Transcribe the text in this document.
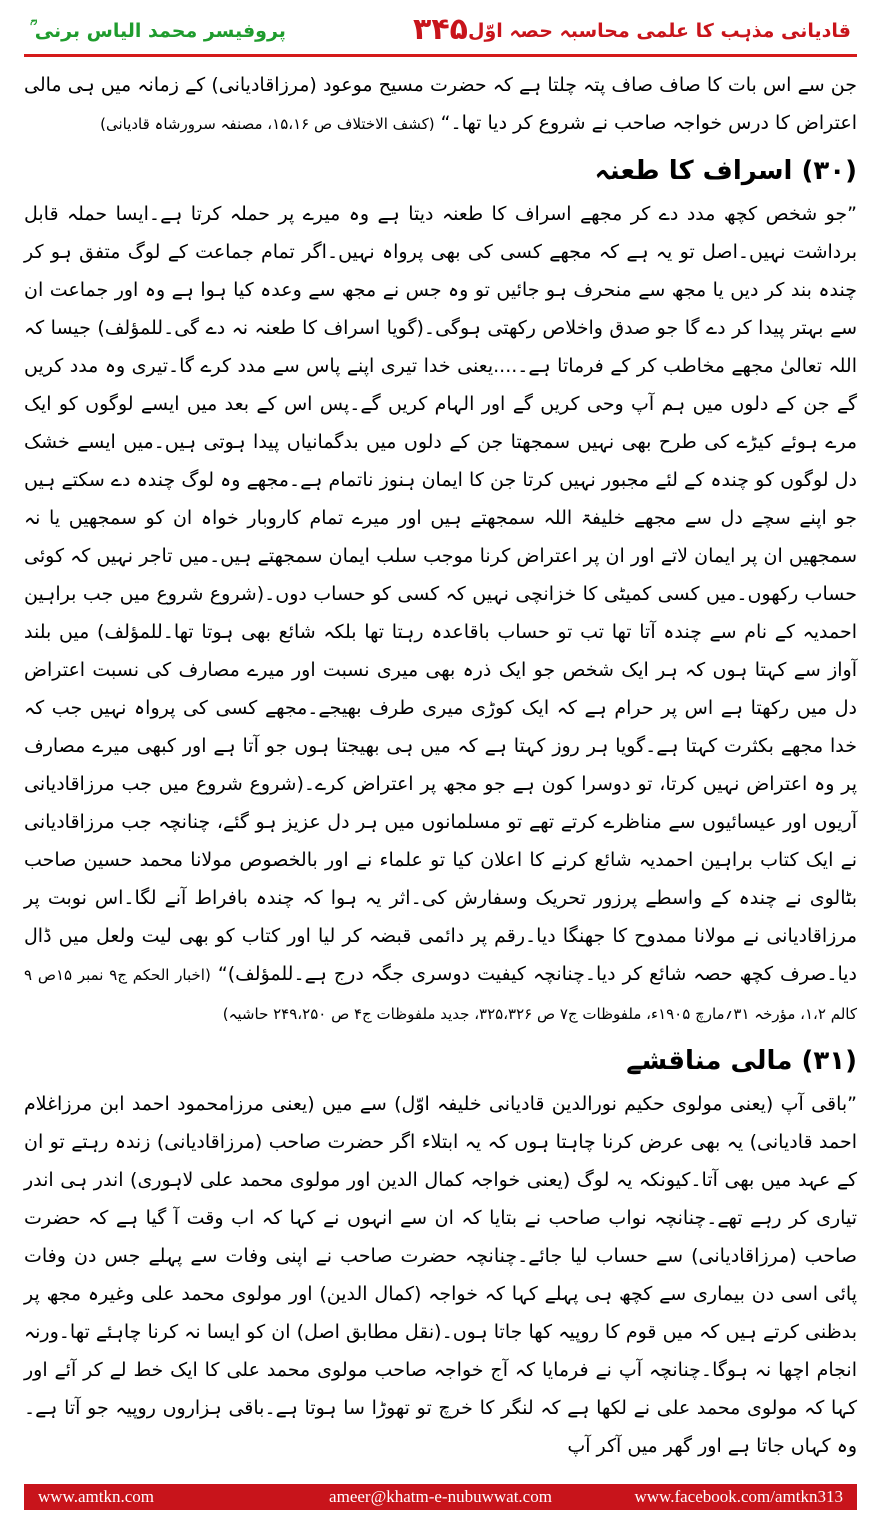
قادیانی مذہب کا علمی محاسبہ حصہ اوّل
۳۴۵
پروفیسر محمد الیاس برنی ؒ

جن سے اس بات کا صاف صاف پتہ چلتا ہے کہ حضرت مسیح موعود (مرزاقادیانی) کے زمانہ میں ہی مالی اعتراض کا درس خواجہ صاحب نے شروع کر دیا تھا۔“ (کشف الاختلاف ص ۱۵،۱۶، مصنفہ سرورشاہ قادیانی)

(۳۰) اسراف کا طعنہ

”جو شخص کچھ مدد دے کر مجھے اسراف کا طعنہ دیتا ہے وہ میرے پر حملہ کرتا ہے۔ایسا حملہ قابل برداشت نہیں۔اصل تو یہ ہے کہ مجھے کسی کی بھی پرواہ نہیں۔اگر تمام جماعت کے لوگ متفق ہو کر چندہ بند کر دیں یا مجھ سے منحرف ہو جائیں تو وہ جس نے مجھ سے وعدہ کیا ہوا ہے وہ اور جماعت ان سے بہتر پیدا کر دے گا جو صدق واخلاص رکھتی ہوگی۔(گویا اسراف کا طعنہ نہ دے گی۔للمؤلف) جیسا کہ اللہ تعالیٰ مجھے مخاطب کر کے فرماتا ہے۔....یعنی خدا تیری اپنے پاس سے مدد کرے گا۔تیری وہ مدد کریں گے جن کے دلوں میں ہم آپ وحی کریں گے اور الہام کریں گے۔پس اس کے بعد میں ایسے لوگوں کو ایک مرے ہوئے کیڑے کی طرح بھی نہیں سمجھتا جن کے دلوں میں بدگمانیاں پیدا ہوتی ہیں۔میں ایسے خشک دل لوگوں کو چندہ کے لئے مجبور نہیں کرتا جن کا ایمان ہنوز ناتمام ہے۔مجھے وہ لوگ چندہ دے سکتے ہیں جو اپنے سچے دل سے مجھے خلیفۃ اللہ سمجھتے ہیں اور میرے تمام کاروبار خواہ ان کو سمجھیں یا نہ سمجھیں ان پر ایمان لاتے اور ان پر اعتراض کرنا موجب سلب ایمان سمجھتے ہیں۔میں تاجر نہیں کہ کوئی حساب رکھوں۔میں کسی کمیٹی کا خزانچی نہیں کہ کسی کو حساب دوں۔(شروع شروع میں جب براہین احمدیہ کے نام سے چندہ آتا تھا تب تو حساب باقاعدہ رہتا تھا بلکہ شائع بھی ہوتا تھا۔للمؤلف) میں بلند آواز سے کہتا ہوں کہ ہر ایک شخص جو ایک ذرہ بھی میری نسبت اور میرے مصارف کی نسبت اعتراض دل میں رکھتا ہے اس پر حرام ہے کہ ایک کوڑی میری طرف بھیجے۔مجھے کسی کی پرواہ نہیں جب کہ خدا مجھے بکثرت کہتا ہے۔گویا ہر روز کہتا ہے کہ میں ہی بھیجتا ہوں جو آتا ہے اور کبھی میرے مصارف پر وہ اعتراض نہیں کرتا، تو دوسرا کون ہے جو مجھ پر اعتراض کرے۔(شروع شروع میں جب مرزاقادیانی آریوں اور عیسائیوں سے مناظرے کرتے تھے تو مسلمانوں میں ہر دل عزیز ہو گئے، چنانچہ جب مرزاقادیانی نے ایک کتاب براہین احمدیہ شائع کرنے کا اعلان کیا تو علماء نے اور بالخصوص مولانا محمد حسین صاحب بٹالوی نے چندہ کے واسطے پرزور تحریک وسفارش کی۔اثر یہ ہوا کہ چندہ بافراط آنے لگا۔اس نوبت پر مرزاقادیانی نے مولانا ممدوح کا جھنگا دیا۔رقم پر دائمی قبضہ کر لیا اور کتاب کو بھی لیت ولعل میں ڈال دیا۔صرف کچھ حصہ شائع کر دیا۔چنانچہ کیفیت دوسری جگہ درج ہے۔للمؤلف)“ (اخبار الحکم ج۹ نمبر ۱۵ص ۹ کالم ۱،۲، مؤرخہ ۳۱؍مارچ ۱۹۰۵ء، ملفوظات ج۷ ص ۳۲۵،۳۲۶، جدید ملفوظات ج۴ ص ۲۴۹،۲۵۰ حاشیہ)

(۳۱) مالی مناقشے

”باقی آپ (یعنی مولوی حکیم نورالدین قادیانی خلیفہ اوّل) سے میں (یعنی مرزامحمود احمد ابن مرزاغلام احمد قادیانی) یہ بھی عرض کرنا چاہتا ہوں کہ یہ ابتلاء اگر حضرت صاحب (مرزاقادیانی) زندہ رہتے تو ان کے عہد میں بھی آتا۔کیونکہ یہ لوگ (یعنی خواجہ کمال الدین اور مولوی محمد علی لاہوری) اندر ہی اندر تیاری کر رہے تھے۔چنانچہ نواب صاحب نے بتایا کہ ان سے انہوں نے کہا کہ اب وقت آ گیا ہے کہ حضرت صاحب (مرزاقادیانی) سے حساب لیا جائے۔چنانچہ حضرت صاحب نے اپنی وفات سے پہلے جس دن وفات پائی اسی دن بیماری سے کچھ ہی پہلے کہا کہ خواجہ (کمال الدین) اور مولوی محمد علی وغیرہ مجھ پر بدظنی کرتے ہیں کہ میں قوم کا روپیہ کھا جاتا ہوں۔(نقل مطابق اصل) ان کو ایسا نہ کرنا چاہئے تھا۔ورنہ انجام اچھا نہ ہوگا۔چنانچہ آپ نے فرمایا کہ آج خواجہ صاحب مولوی محمد علی کا ایک خط لے کر آئے اور کہا کہ مولوی محمد علی نے لکھا ہے کہ لنگر کا خرچ تو تھوڑا سا ہوتا ہے۔باقی ہزاروں روپیہ جو آتا ہے۔وہ کہاں جاتا ہے اور گھر میں آکر آپ

www.amtkn.com	ameer@khatm-e-nubuwwat.com	www.facebook.com/amtkn313
